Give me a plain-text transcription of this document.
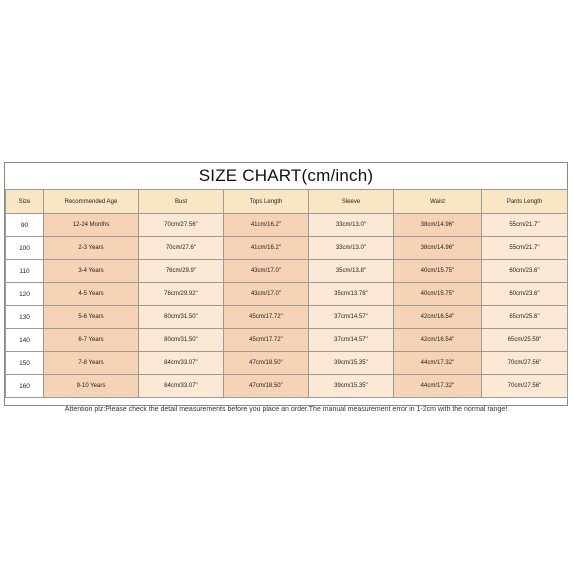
SIZE CHART(cm/inch)
Size	Recommended Age	Bust	Tops Length	Sleeve	Waist	Pants Length
90	12-24 Months	70cm/27.56''	41cm/16.2''	33cm/13.0''	38cm/14.96''	55cm/21.7''
100	2-3 Years	70cm/27.6''	41cm/16.2''	33cm/13.0''	38cm/14.96''	55cm/21.7''
110	3-4 Years	76cm/29.9''	43cm/17.0''	35cm/13.8''	40cm/15.75''	60cm/23.6''
120	4-5 Years	76cm/29.92''	43cm/17.0''	35cm/13.78''	40cm/15.75''	60cm/23.6''
130	5-6 Years	80cm/31.50''	45cm/17.72''	37cm/14.57''	42cm/16.54''	65cm/25.6''
140	6-7 Years	80cm/31.50''	45cm/17.72''	37cm/14.57''	42cm/16.54''	65cm/25.59''
150	7-8 Years	84cm/33.07''	47cm/18.50''	39cm/15.35''	44cm/17.32''	70cm/27.56''
160	9-10 Years	84cm/33.07''	47cm/18.50''	39cm/15.35''	44cm/17.32''	70cm/27.56''
Attention plz:Please check the detail measurements before you place an order.The manual measurement error in 1-2cm with the normal range!
